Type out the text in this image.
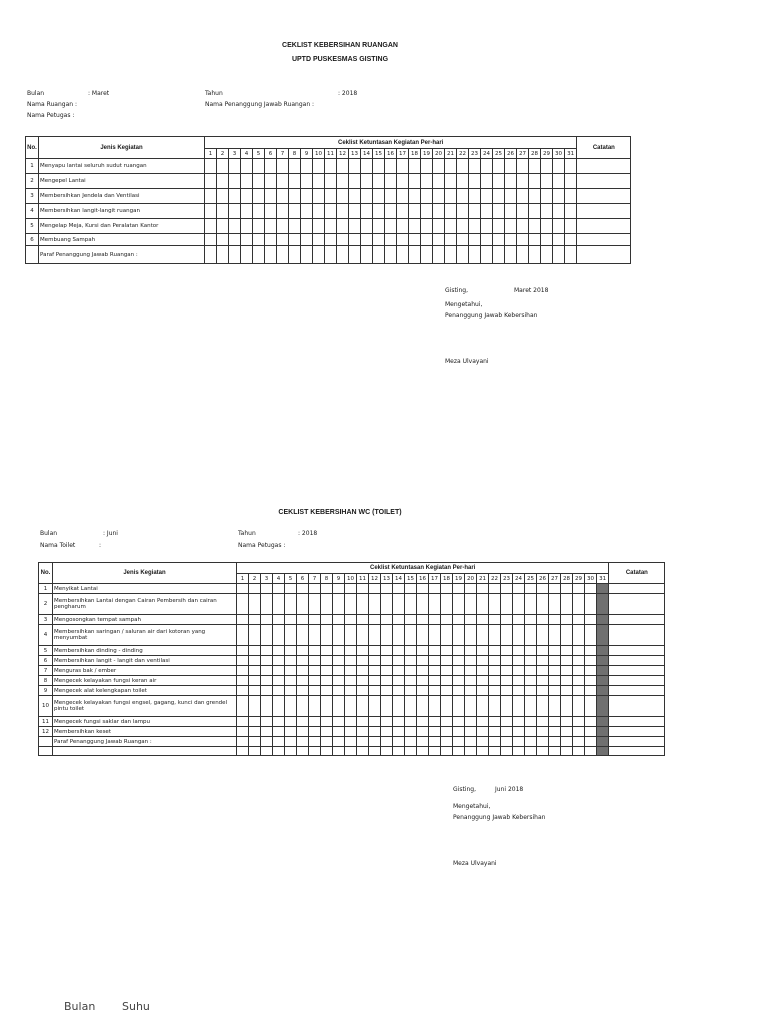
CEKLIST KEBERSIHAN RUANGAN
UPTD PUSKESMAS GISTING
Bulan	: Maret	Tahun	: 2018
Nama Ruangan :	Nama Penanggung Jawab Ruangan :
Nama Petugas :
No.	Jenis Kegiatan	Ceklist Ketuntasan Kegiatan Per-hari																															Catatan
		1	2	3	4	5	6	7	8	9	10	11	12	13	14	15	16	17	18	19	20	21	22	23	24	25	26	27	28	29	30	31	
1	Menyapu lantai seluruh sudut ruangan																																
2	Mengepel Lantai																																
3	Membersihkan Jendela dan Ventilasi																																
4	Membersihkan langit-langit ruangan																																
5	Mengelap Meja, Kursi dan Peralatan Kantor																																
6	Membuang Sampah																																
	Paraf Penanggung Jawab Ruangan :																																
Gisting,	Maret 2018
Mengetahui,
Penanggung Jawab Kebersihan
Meza Ulvayani
CEKLIST KEBERSIHAN WC (TOILET)
Bulan	: Juni	Tahun	: 2018
Nama Toilet	:	Nama Petugas :
No.	Jenis Kegiatan	Ceklist Ketuntasan Kegiatan Per-hari																															Catatan
		1	2	3	4	5	6	7	8	9	10	11	12	13	14	15	16	17	18	19	20	21	22	23	24	25	26	27	28	29	30	31	
1	Menyikat Lantai																																
2	Membersihkan Lantai dengan Cairan Pembersih dan cairan pengharum																																
3	Mengosongkan tempat sampah																																
4	Membersihkan saringan / saluran air dari kotoran yang menyumbat																																
5	Membersihkan dinding - dinding																																
6	Membersihkan langit - langit dan ventilasi																																
7	Menguras bak / ember																																
8	Mengecek kelayakan fungsi keran air																																
9	Mengecek alat kelengkapan toilet																																
10	Mengecek kelayakan fungsi engsel, gagang, kunci dan grendel pintu toilet																																
11	Mengecek fungsi saklar dan lampu																																
12	Membersihkan keset																																
	Paraf Penanggung Jawab Ruangan :																																

Gisting,	Juni 2018
Mengetahui,
Penanggung Jawab Kebersihan
Meza Ulvayani
Bulan Suhu
